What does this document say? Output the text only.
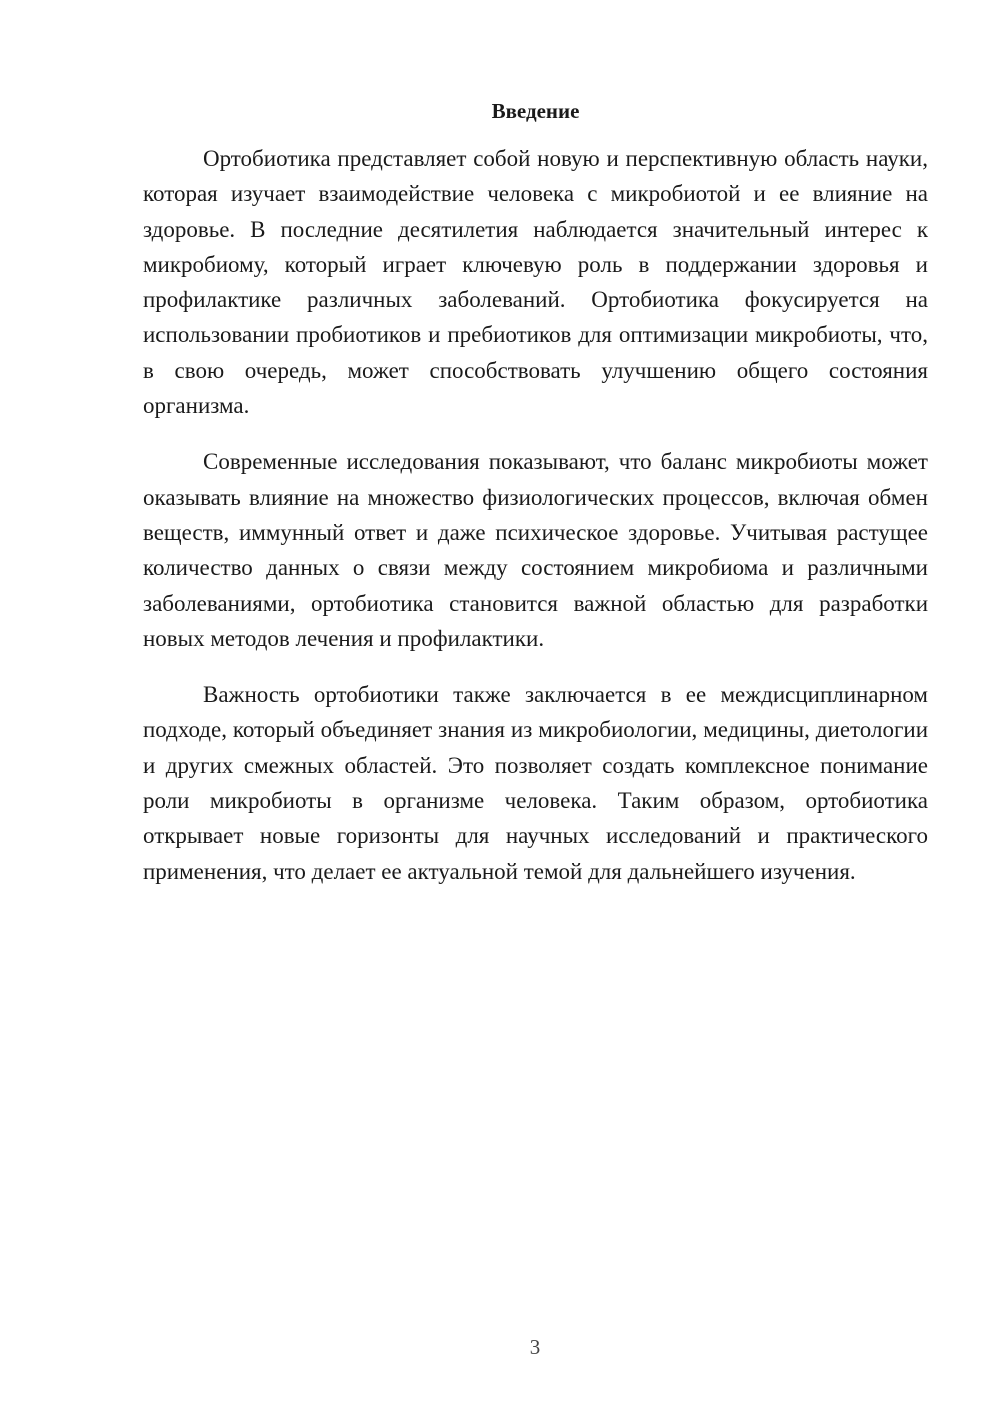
Введение

Ортобиотика представляет собой новую и перспективную область науки, которая изучает взаимодействие человека с микробиотой и ее влияние на здоровье. В последние десятилетия наблюдается значительный интерес к микробиому, который играет ключевую роль в поддержании здоровья и профилактике различных заболеваний. Ортобиотика фокусируется на использовании пробиотиков и пребиотиков для оптимизации микробиоты, что, в свою очередь, может способствовать улучшению общего состояния организма.

Современные исследования показывают, что баланс микробиоты может оказывать влияние на множество физиологических процессов, включая обмен веществ, иммунный ответ и даже психическое здоровье. Учитывая растущее количество данных о связи между состоянием микробиома и различными заболеваниями, ортобиотика становится важной областью для разработки новых методов лечения и профилактики.

Важность ортобиотики также заключается в ее междисциплинарном подходе, который объединяет знания из микробиологии, медицины, диетологии и других смежных областей. Это позволяет создать комплексное понимание роли микробиоты в организме человека. Таким образом, ортобиотика открывает новые горизонты для научных исследований и практического применения, что делает ее актуальной темой для дальнейшего изучения.

3
